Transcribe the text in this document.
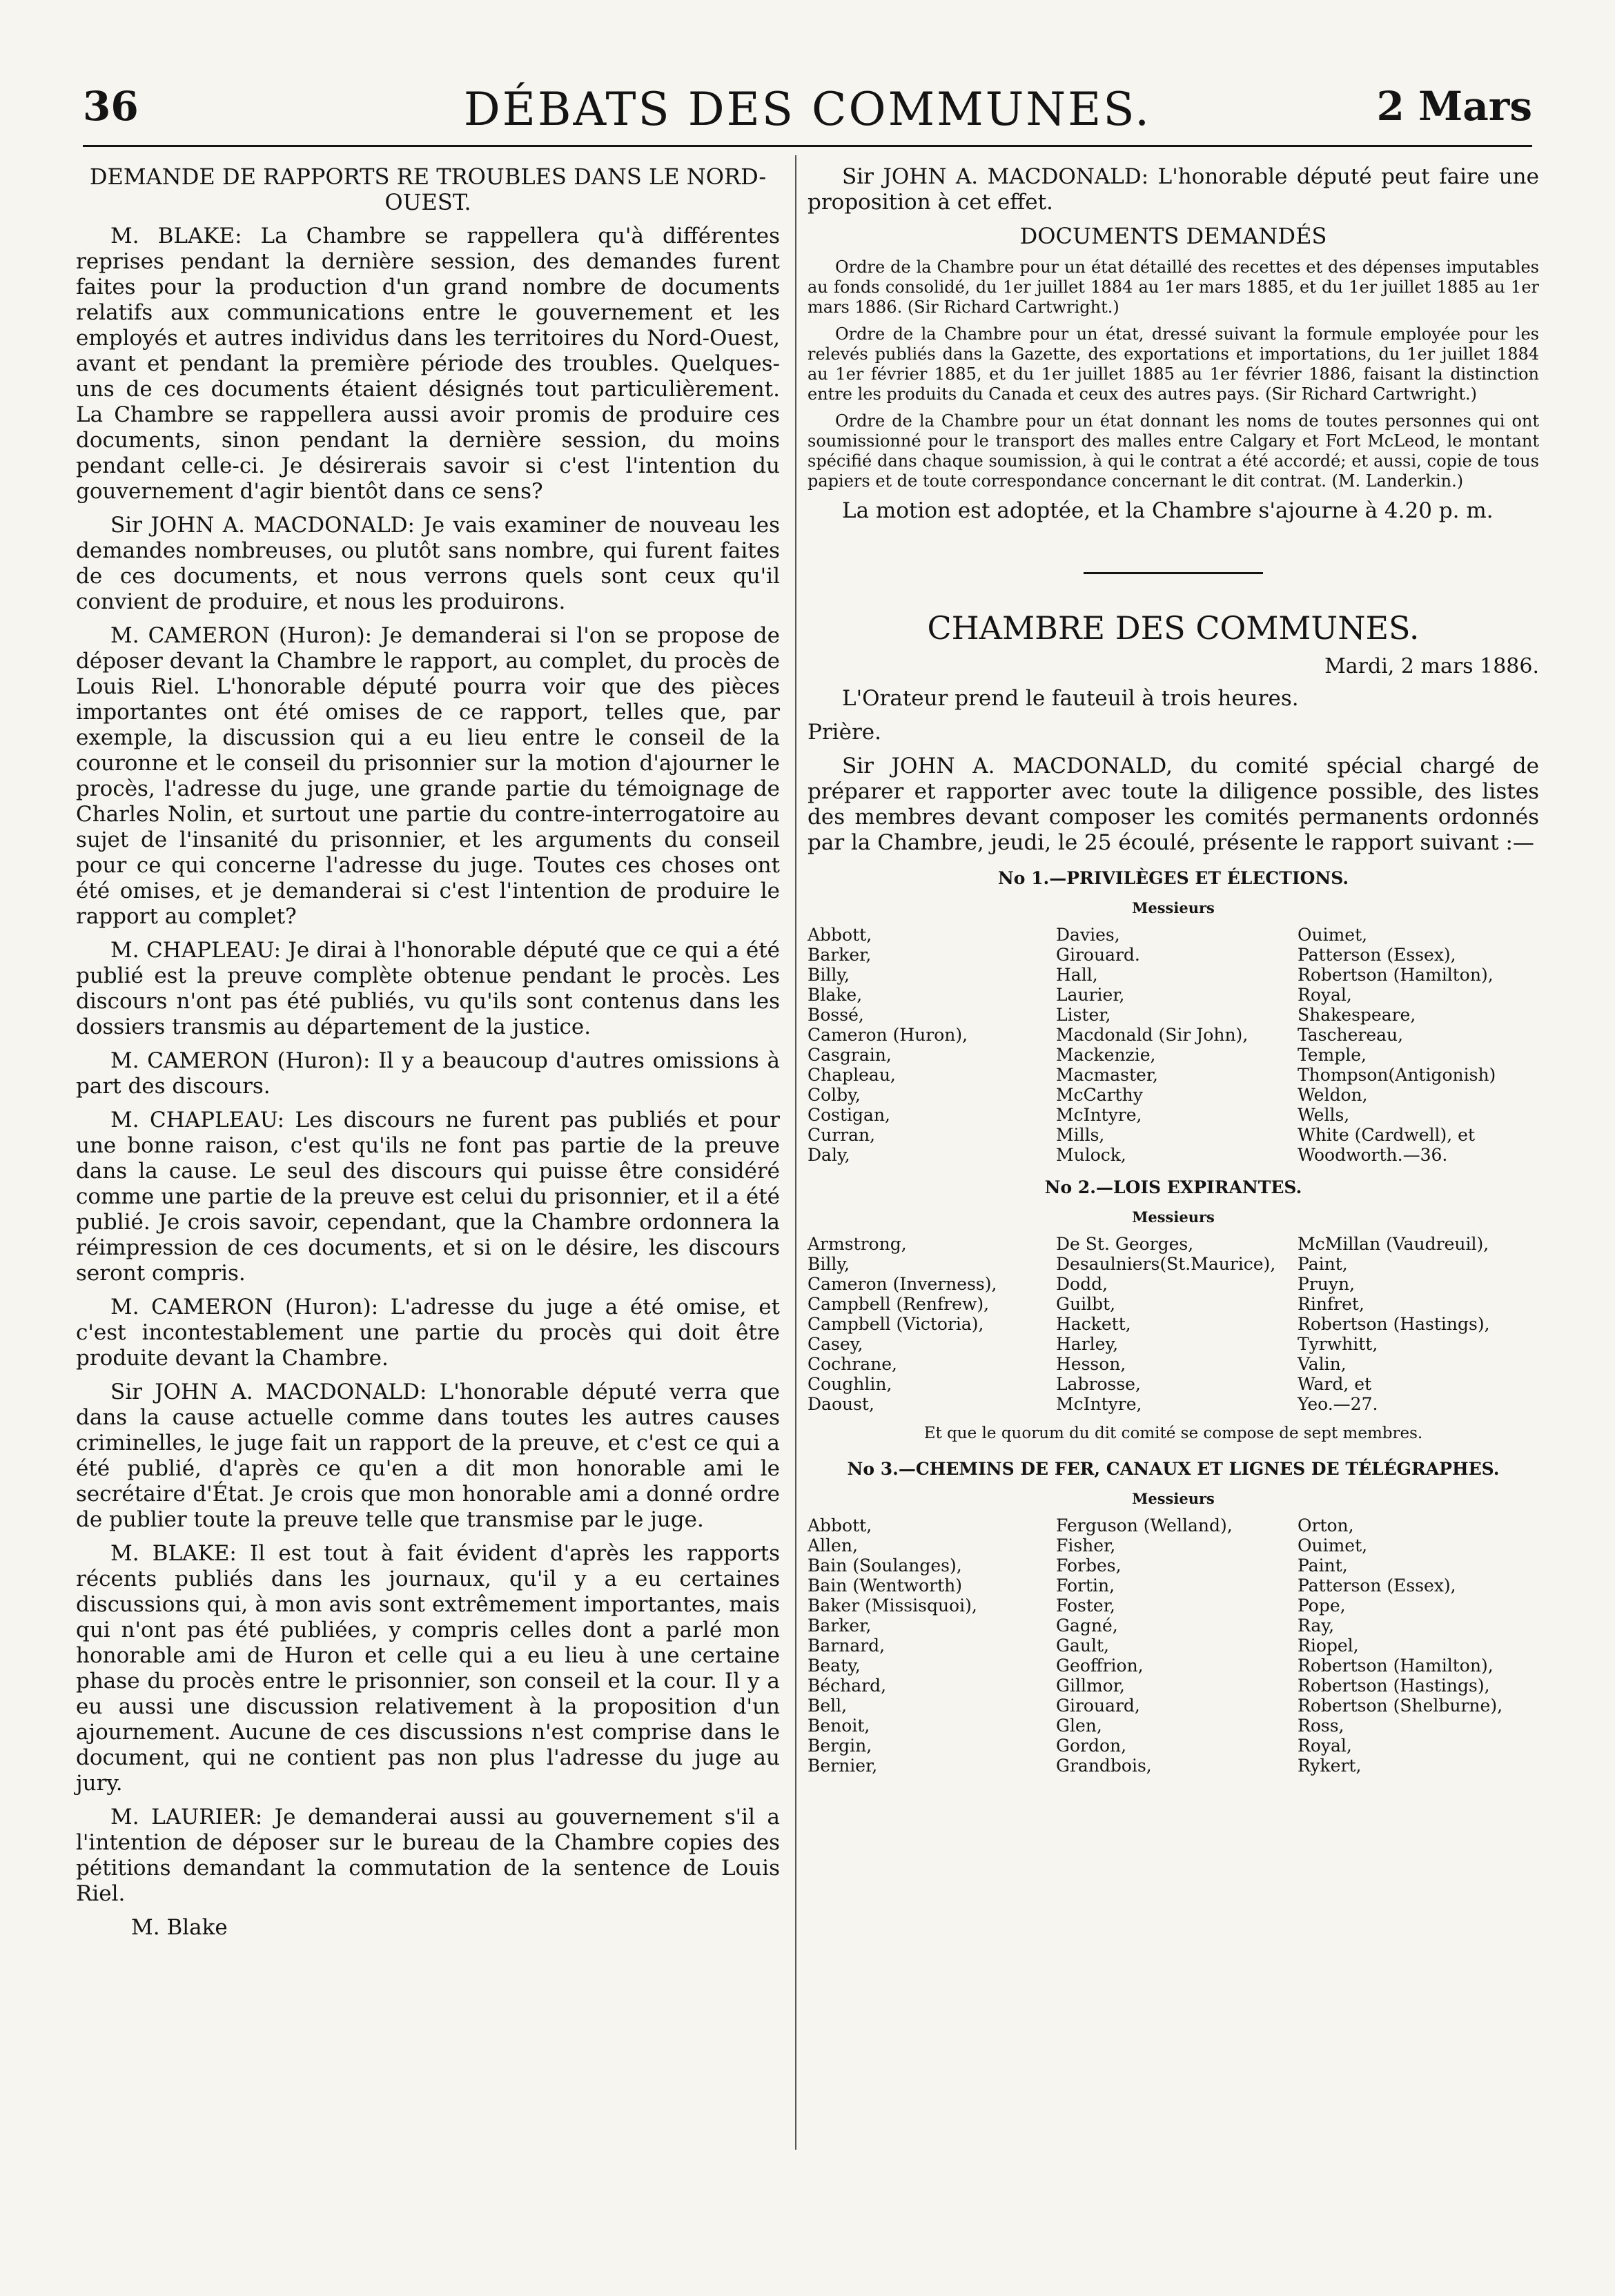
36	DÉBATS DES COMMUNES.	2 Mars

DEMANDE DE RAPPORTS RE TROUBLES DANS LE NORD-OUEST.

M. BLAKE: La Chambre se rappellera qu'à différentes reprises pendant la dernière session, des demandes furent faites pour la production d'un grand nombre de documents relatifs aux communications entre le gouvernement et les employés et autres individus dans les territoires du Nord-Ouest, avant et pendant la première période des troubles. Quelques-uns de ces documents étaient désignés tout particulièrement. La Chambre se rappellera aussi avoir promis de produire ces documents, sinon pendant la dernière session, du moins pendant celle-ci. Je désirerais savoir si c'est l'intention du gouvernement d'agir bientôt dans ce sens?

Sir JOHN A. MACDONALD: Je vais examiner de nouveau les demandes nombreuses, ou plutôt sans nombre, qui furent faites de ces documents, et nous verrons quels sont ceux qu'il convient de produire, et nous les produirons.

M. CAMERON (Huron): Je demanderai si l'on se propose de déposer devant la Chambre le rapport, au complet, du procès de Louis Riel. L'honorable député pourra voir que des pièces importantes ont été omises de ce rapport, telles que, par exemple, la discussion qui a eu lieu entre le conseil de la couronne et le conseil du prisonnier sur la motion d'ajourner le procès, l'adresse du juge, une grande partie du témoignage de Charles Nolin, et surtout une partie du contre-interrogatoire au sujet de l'insanité du prisonnier, et les arguments du conseil pour ce qui concerne l'adresse du juge. Toutes ces choses ont été omises, et je demanderai si c'est l'intention de produire le rapport au complet?

M. CHAPLEAU: Je dirai à l'honorable député que ce qui a été publié est la preuve complète obtenue pendant le procès. Les discours n'ont pas été publiés, vu qu'ils sont contenus dans les dossiers transmis au département de la justice.

M. CAMERON (Huron): Il y a beaucoup d'autres omissions à part des discours.

M. CHAPLEAU: Les discours ne furent pas publiés et pour une bonne raison, c'est qu'ils ne font pas partie de la preuve dans la cause. Le seul des discours qui puisse être considéré comme une partie de la preuve est celui du prisonnier, et il a été publié. Je crois savoir, cependant, que la Chambre ordonnera la réimpression de ces documents, et si on le désire, les discours seront compris.

M. CAMERON (Huron): L'adresse du juge a été omise, et c'est incontestablement une partie du procès qui doit être produite devant la Chambre.

Sir JOHN A. MACDONALD: L'honorable député verra que dans la cause actuelle comme dans toutes les autres causes criminelles, le juge fait un rapport de la preuve, et c'est ce qui a été publié, d'après ce qu'en a dit mon honorable ami le secrétaire d'État. Je crois que mon honorable ami a donné ordre de publier toute la preuve telle que transmise par le juge.

M. BLAKE: Il est tout à fait évident d'après les rapports récents publiés dans les journaux, qu'il y a eu certaines discussions qui, à mon avis sont extrêmement importantes, mais qui n'ont pas été publiées, y compris celles dont a parlé mon honorable ami de Huron et celle qui a eu lieu à une certaine phase du procès entre le prisonnier, son conseil et la cour. Il y a eu aussi une discussion relativement à la proposition d'un ajournement. Aucune de ces discussions n'est comprise dans le document, qui ne contient pas non plus l'adresse du juge au jury.

M. LAURIER: Je demanderai aussi au gouvernement s'il a l'intention de déposer sur le bureau de la Chambre copies des pétitions demandant la commutation de la sentence de Louis Riel.

M. Blake

Sir JOHN A. MACDONALD: L'honorable député peut faire une proposition à cet effet.

DOCUMENTS DEMANDÉS

Ordre de la Chambre pour un état détaillé des recettes et des dépenses imputables au fonds consolidé, du 1er juillet 1884 au 1er mars 1885, et du 1er juillet 1885 au 1er mars 1886. (Sir Richard Cartwright.)

Ordre de la Chambre pour un état, dressé suivant la formule employée pour les relevés publiés dans la Gazette, des exportations et importations, du 1er juillet 1884 au 1er février 1885, et du 1er juillet 1885 au 1er février 1886, faisant la distinction entre les produits du Canada et ceux des autres pays. (Sir Richard Cartwright.)

Ordre de la Chambre pour un état donnant les noms de toutes personnes qui ont soumissionné pour le transport des malles entre Calgary et Fort McLeod, le montant spécifié dans chaque soumission, à qui le contrat a été accordé; et aussi, copie de tous papiers et de toute correspondance concernant le dit contrat. (M. Landerkin.)

La motion est adoptée, et la Chambre s'ajourne à 4.20 p. m.

CHAMBRE DES COMMUNES.
Mardi, 2 mars 1886.

L'Orateur prend le fauteuil à trois heures.

Prière.

Sir JOHN A. MACDONALD, du comité spécial chargé de préparer et rapporter avec toute la diligence possible, des listes des membres devant composer les comités permanents ordonnés par la Chambre, jeudi, le 25 écoulé, présente le rapport suivant :—

No 1.—PRIVILÈGES ET ÉLECTIONS.
Messieurs
Abbott,
Barker,
Billy,
Blake,
Bossé,
Cameron (Huron),
Casgrain,
Chapleau,
Colby,
Costigan,
Curran,
Daly,
Davies,
Girouard.
Hall,
Laurier,
Lister,
Macdonald (Sir John),
Mackenzie,
Macmaster,
McCarthy
McIntyre,
Mills,
Mulock,
Ouimet,
Patterson (Essex),
Robertson (Hamilton),
Royal,
Shakespeare,
Taschereau,
Temple,
Thompson(Antigonish)
Weldon,
Wells,
White (Cardwell), et
Woodworth.—36.
No 2.—LOIS EXPIRANTES.
Messieurs
Armstrong,
Billy,
Cameron (Inverness),
Campbell (Renfrew),
Campbell (Victoria),
Casey,
Cochrane,
Coughlin,
Daoust,
De St. Georges,
Desaulniers(St.Maurice),
Dodd,
Guilbt,
Hackett,
Harley,
Hesson,
Labrosse,
McIntyre,
McMillan (Vaudreuil),
Paint,
Pruyn,
Rinfret,
Robertson (Hastings),
Tyrwhitt,
Valin,
Ward, et
Yeo.—27.
Et que le quorum du dit comité se compose de sept membres.
No 3.—CHEMINS DE FER, CANAUX ET LIGNES DE TÉLÉGRAPHES.
Messieurs
Abbott,
Allen,
Bain (Soulanges),
Bain (Wentworth)
Baker (Missisquoi),
Barker,
Barnard,
Beaty,
Béchard,
Bell,
Benoit,
Bergin,
Bernier,
Ferguson (Welland),
Fisher,
Forbes,
Fortin,
Foster,
Gagné,
Gault,
Geoffrion,
Gillmor,
Girouard,
Glen,
Gordon,
Grandbois,
Orton,
Ouimet,
Paint,
Patterson (Essex),
Pope,
Ray,
Riopel,
Robertson (Hamilton),
Robertson (Hastings),
Robertson (Shelburne),
Ross,
Royal,
Rykert,
